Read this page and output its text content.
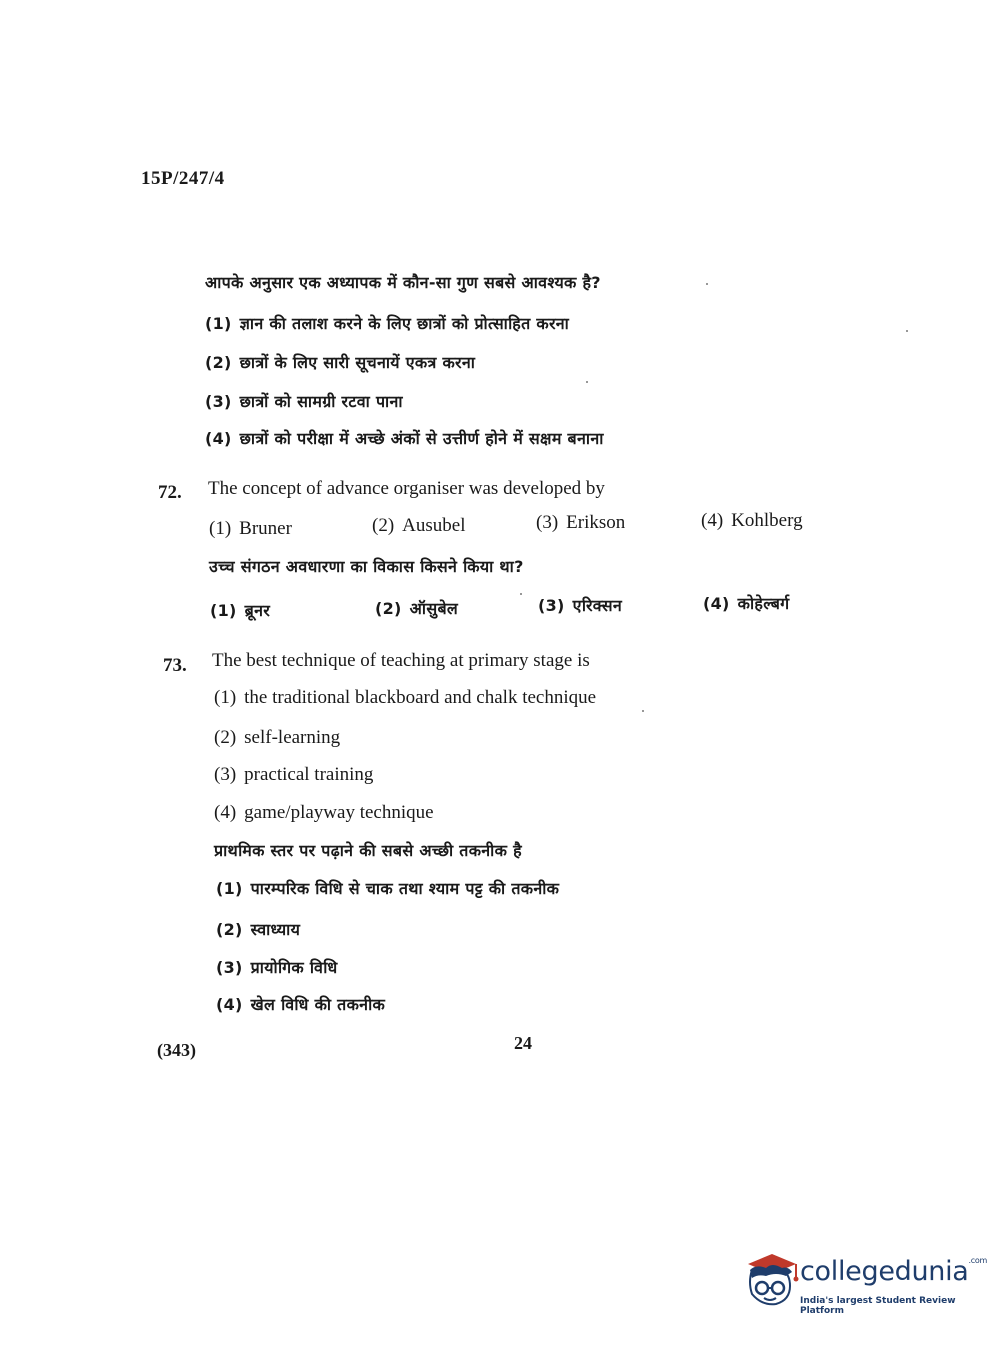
15P/247/4
आपके अनुसार एक अध्यापक में कौन-सा गुण सबसे आवश्यक है?
(1) ज्ञान की तलाश करने के लिए छात्रों को प्रोत्साहित करना
(2) छात्रों के लिए सारी सूचनायें एकत्र करना
(3) छात्रों को सामग्री रटवा पाना
(4) छात्रों को परीक्षा में अच्छे अंकों से उत्तीर्ण होने में सक्षम बनाना
72. The concept of advance organiser was developed by
(1) Bruner	(2) Ausubel	(3) Erikson	(4) Kohlberg
उच्च संगठन अवधारणा का विकास किसने किया था?
(1) ब्रूनर	(2) ऑसुबेल	(3) एरिक्सन	(4) कोहेल्बर्ग
73. The best technique of teaching at primary stage is
(1) the traditional blackboard and chalk technique
(2) self-learning
(3) practical training
(4) game/playway technique
प्राथमिक स्तर पर पढ़ाने की सबसे अच्छी तकनीक है
(1) पारम्परिक विधि से चाक तथा श्याम पट्ट की तकनीक
(2) स्वाध्याय
(3) प्रायोगिक विधि
(4) खेल विधि की तकनीक
(343)	24
collegedunia$^{.com}$
India's largest Student Review Platform
